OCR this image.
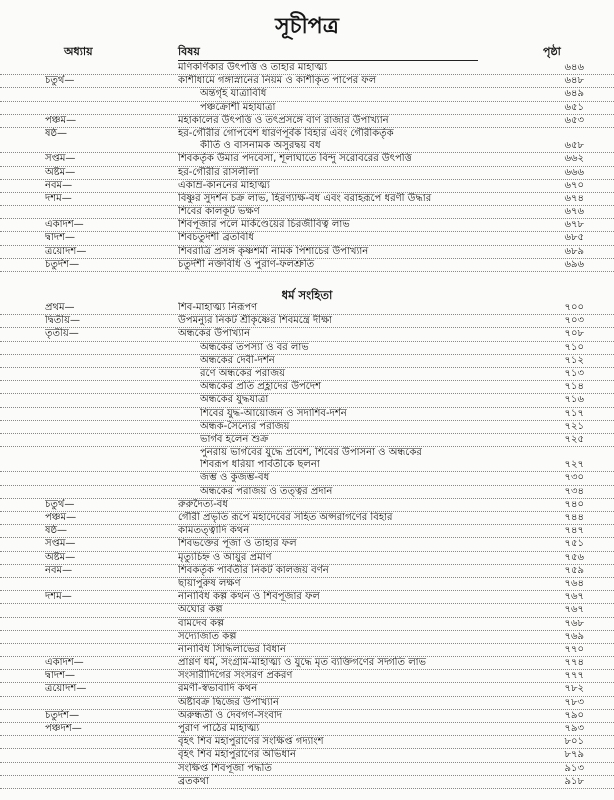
সূচীপত্র
অধ্যায়	বিষয়	পৃষ্ঠা
মণিকর্ণিকার উৎপত্তি ও তাহার মাহাত্ম্য	৬৪৬
চতুর্থ—	কাশীধামে গঙ্গাস্নানের নিয়ম ও কাশীকৃত পাপের ফল	৬৪৮
অন্তর্গৃহ যাত্রাবিধি	৬৪৯
পঞ্চক্রোশী মহাযাত্রা	৬৫১
পঞ্চম—	মহাকালের উৎপত্তি ও তৎপ্রসঙ্গে বাণ রাজার উপাখ্যান	৬৫৩
ষষ্ঠ—	হর-গৌরীর গোপবেশ ধারণপূর্বক বিহার এবং গৌরীকর্তৃক
কীর্তি ও বাসনামক অসুরদ্বয় বধ	৬৫৮
সপ্তম—	শিবকর্তৃক উমার পদবেসা, শূলাঘাতে বিন্দু সরোবরের উৎপত্তি	৬৬২
অষ্টম—	হর-গৌরীর রাসলীলা	৬৬৬
নবম—	একাম্র-কাননের মাহাত্ম্য	৬৭০
দশম—	বিষ্ণুর সুদর্শন চক্র লাভ, হিরণ্যাক্ষ-বধ এবং বরাহরূপে ধরণী উদ্ধার	৬৭৪
শিবের কালকূট ভক্ষণ	৬৭৬
একাদশ—	শিবপূজার পলে মার্কণ্ডেয়ের চিরজীবিত্ব লাভ	৬৭৮
দ্বাদশ—	শিবচতুর্দশী ব্রতবিধি	৬৮৫
ত্রয়োদশ—	শিবরাত্রি প্রসঙ্গ কৃষ্ণশর্মা নামক পিশাচের উপাখ্যান	৬৮৯
চতুর্দশ—	চতুর্দশী নক্তবিধি ও পুরাণ-ফলশ্রুতি	৬৯৬
ধর্ম সংহিতা
প্রথম—	শিব-মাহাত্ম্য নিরূপণ	৭০০
দ্বিতীয়—	উপমন্যুর নিকট শ্রীকৃষ্ণের শিবমন্ত্রে দীক্ষা	৭০৩
তৃতীয়—	অন্ধকের উপাখ্যান	৭০৮
অন্ধকের তপস্যা ও বর লাভ	৭১০
অন্ধকের দেবী-দর্শন	৭১২
রণে অন্ধকের পরাজয়	৭১৩
অন্ধকের প্রতি প্রহ্লাদের উপদেশ	৭১৪
অন্ধকের যুদ্ধযাত্রা	৭১৬
শিবের যুদ্ধ-আয়োজন ও সদাশিব-দর্শন	৭১৭
অন্ধক-সৈন্যের পরাজয়	৭২১
ভার্গব হলেন শুক্র	৭২৫
পুনরায় ভার্গবের যুদ্ধে প্রবেশ, শিবের উপাসনা ও অন্ধকের
শিবরূপ ধরিয়া পার্বতীকে ছলনা	৭২৭
জম্ভ ও কুজম্ভ-বধ	৭৩০
অন্ধকের পরাজয় ও তত্ত্বর প্রদান	৭৩৪
চতুর্থ—	রুরুদৈত্য-বধ	৭৪০
পঞ্চম—	গৌরী প্রভৃতি রূপে মহাদেবের সহিত অপ্সরাগণের বিহার	৭৪৪
ষষ্ঠ—	কামতত্ত্বাদি কথন	৭৪৭
সপ্তম—	শিবভক্তের পূজা ও তাহার ফল	৭৫১
অষ্টম—	মৃত্যুচিহ্ন ও আয়ুর প্রমাণ	৭৫৬
নবম—	শিবকর্তৃক পার্বতীর নিকট কালজয় বর্ণন	৭৫৯
ছায়াপুরুষ লক্ষণ	৭৬৪
দশম—	নানাবিধ কল্প কথন ও শিবপূজার ফল	৭৬৭
অঘোর কল্প	৭৬৭
বামদেব কল্প	৭৬৮
সদ্যোজাত কল্প	৭৬৯
নানাবিধ সিদ্ধিলাভের বিধান	৭৭০
একাদশ—	প্রাণ্ণণ ধর্ম, সংগ্রাম-মাহাত্ম্য ও যুদ্ধে মৃত ব্যক্তিগণের সদ্গতি লাভ	৭৭৪
দ্বাদশ—	সংসারীদিগের সংসরণ প্রকরণ	৭৭৭
ত্রয়োদশ—	রমণী-স্বভাবাদি কথন	৭৮২
অষ্টাবক্র দ্বিজের উপাখ্যান	৭৮৩
চতুর্দশ—	অরুন্ধতী ও দেবগণ-সংবাদ	৭৯০
পঞ্চদশ—	পুরাণ পাঠের মাহাত্ম্য	৭৯৩
বৃহৎ শিব মহাপুরাণের সংক্ষিপ্ত গদ্যাংশ	৮০১
বৃহৎ শিব মহাপুরাণের অভিধান	৮৭৯
সংক্ষিপ্ত শিবপূজা পদ্ধতি	৯১৩
ব্রতকথা	৯১৮
